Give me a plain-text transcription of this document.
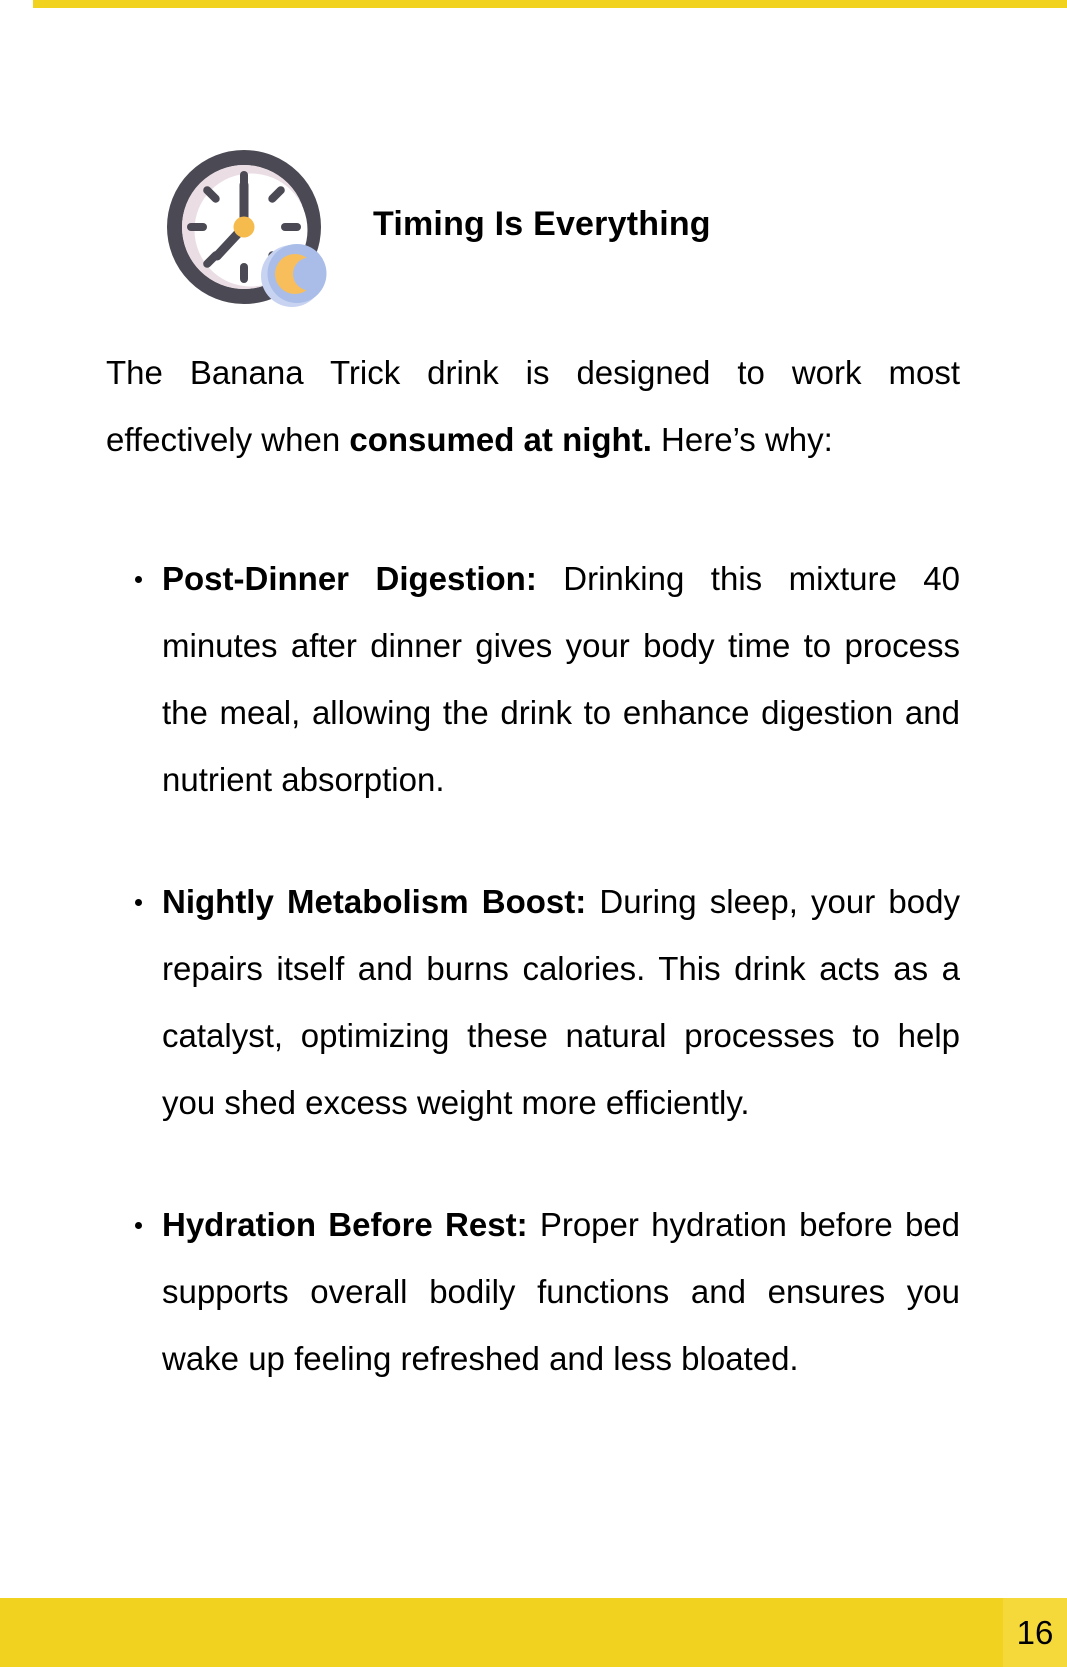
Timing Is Everything

The Banana Trick drink is designed to work most effectively when consumed at night. Here’s why:

Post-Dinner Digestion: Drinking this mixture 40 minutes after dinner gives your body time to process the meal, allowing the drink to enhance digestion and nutrient absorption.
Nightly Metabolism Boost: During sleep, your body repairs itself and burns calories. This drink acts as a catalyst, optimizing these natural processes to help you shed excess weight more efficiently.
Hydration Before Rest: Proper hydration before bed supports overall bodily functions and ensures you wake up feeling refreshed and less bloated.
16
